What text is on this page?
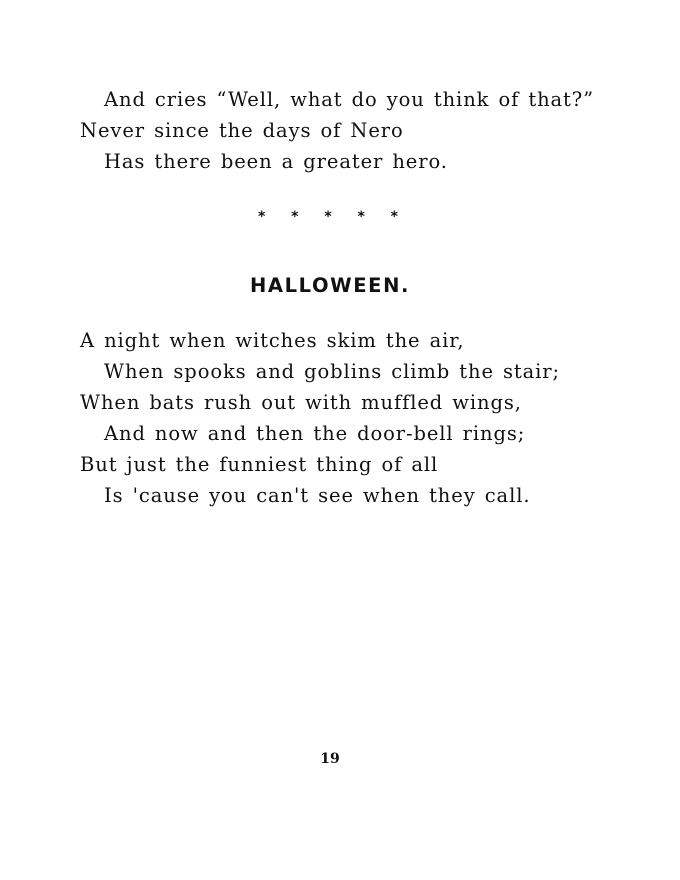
And cries “Well, what do you think of that?”
Never since the days of Nero
Has there been a greater hero.
* * * * *
HALLOWEEN.
A night when witches skim the air,
When spooks and goblins climb the stair;
When bats rush out with muffled wings,
And now and then the door-bell rings;
But just the funniest thing of all
Is 'cause you can't see when they call.
19
